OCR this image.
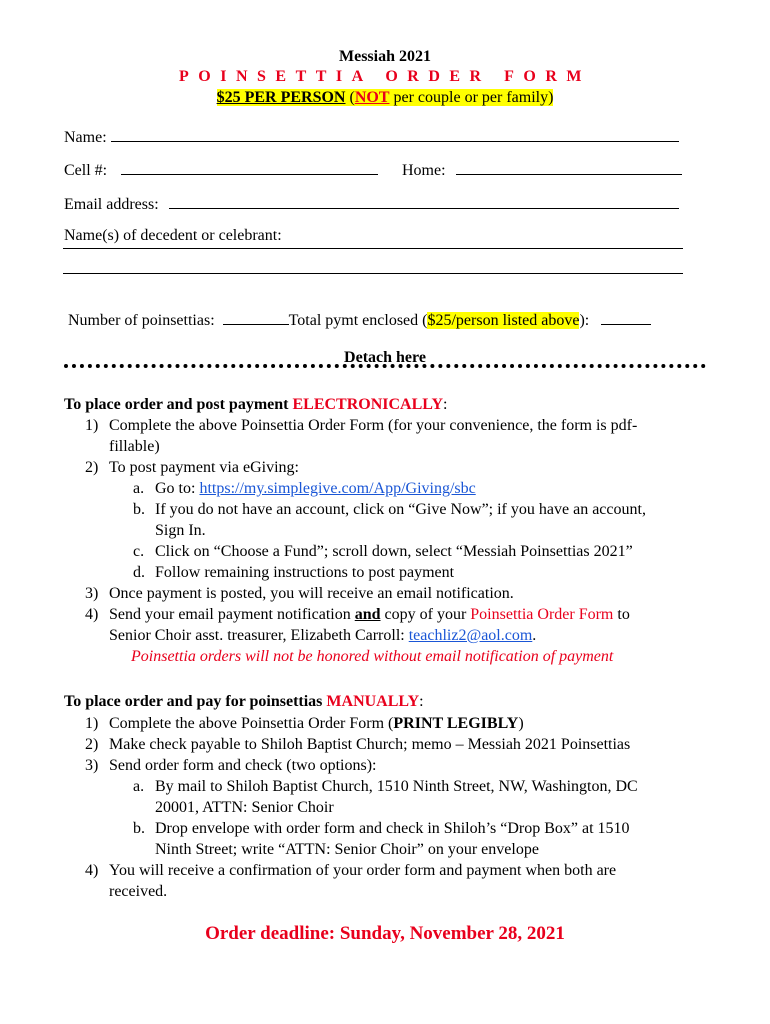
Messiah 2021
POINSETTIA ORDER FORM
$25 PER PERSON (NOT per couple or per family)
Name:
Cell #:	Home:
Email address:
Name(s) of decedent or celebrant:
Number of poinsettias:	Total pymt enclosed ($25/person listed above):
Detach here
To place order and post payment ELECTRONICALLY:
1) Complete the above Poinsettia Order Form (for your convenience, the form is pdf-
fillable)
2) To post payment via eGiving:
a. Go to: https://my.simplegive.com/App/Giving/sbc
b. If you do not have an account, click on “Give Now”; if you have an account,
Sign In.
c. Click on “Choose a Fund”; scroll down, select “Messiah Poinsettias 2021”
d. Follow remaining instructions to post payment
3) Once payment is posted, you will receive an email notification.
4) Send your email payment notification and copy of your Poinsettia Order Form to
Senior Choir asst. treasurer, Elizabeth Carroll: teachliz2@aol.com.
Poinsettia orders will not be honored without email notification of payment
To place order and pay for poinsettias MANUALLY:
1) Complete the above Poinsettia Order Form (PRINT LEGIBLY)
2) Make check payable to Shiloh Baptist Church; memo – Messiah 2021 Poinsettias
3) Send order form and check (two options):
a. By mail to Shiloh Baptist Church, 1510 Ninth Street, NW, Washington, DC
20001, ATTN: Senior Choir
b. Drop envelope with order form and check in Shiloh’s “Drop Box” at 1510
Ninth Street; write “ATTN: Senior Choir” on your envelope
4) You will receive a confirmation of your order form and payment when both are
received.
Order deadline: Sunday, November 28, 2021
